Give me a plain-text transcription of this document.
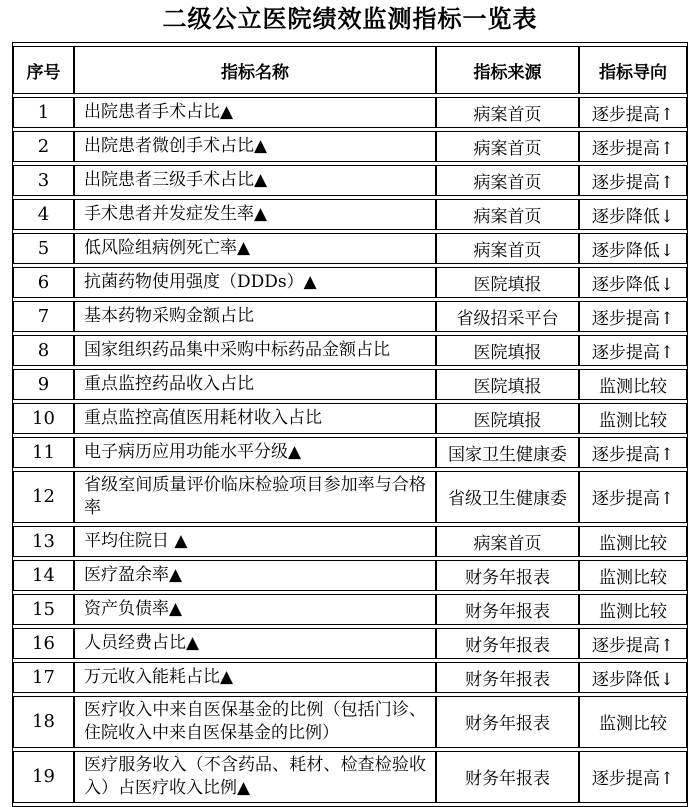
二级公立医院绩效监测指标一览表
序号	指标名称	指标来源	指标导向
1	出院患者手术占比▲	病案首页	逐步提高↑
2	出院患者微创手术占比▲	病案首页	逐步提高↑
3	出院患者三级手术占比▲	病案首页	逐步提高↑
4	手术患者并发症发生率▲	病案首页	逐步降低↓
5	低风险组病例死亡率▲	病案首页	逐步降低↓
6	抗菌药物使用强度（DDDs）▲	医院填报	逐步降低↓
7	基本药物采购金额占比	省级招采平台	逐步提高↑
8	国家组织药品集中采购中标药品金额占比	医院填报	逐步提高↑
9	重点监控药品收入占比	医院填报	监测比较
10	重点监控高值医用耗材收入占比	医院填报	监测比较
11	电子病历应用功能水平分级▲	国家卫生健康委	逐步提高↑
12	省级室间质量评价临床检验项目参加率与合格率	省级卫生健康委	逐步提高↑
13	平均住院日 ▲	病案首页	监测比较
14	医疗盈余率▲	财务年报表	监测比较
15	资产负债率▲	财务年报表	监测比较
16	人员经费占比▲	财务年报表	逐步提高↑
17	万元收入能耗占比▲	财务年报表	逐步降低↓
18	医疗收入中来自医保基金的比例（包括门诊、住院收入中来自医保基金的比例）	财务年报表	监测比较
19	医疗服务收入（不含药品、耗材、检查检验收入）占医疗收入比例▲	财务年报表	逐步提高↑
